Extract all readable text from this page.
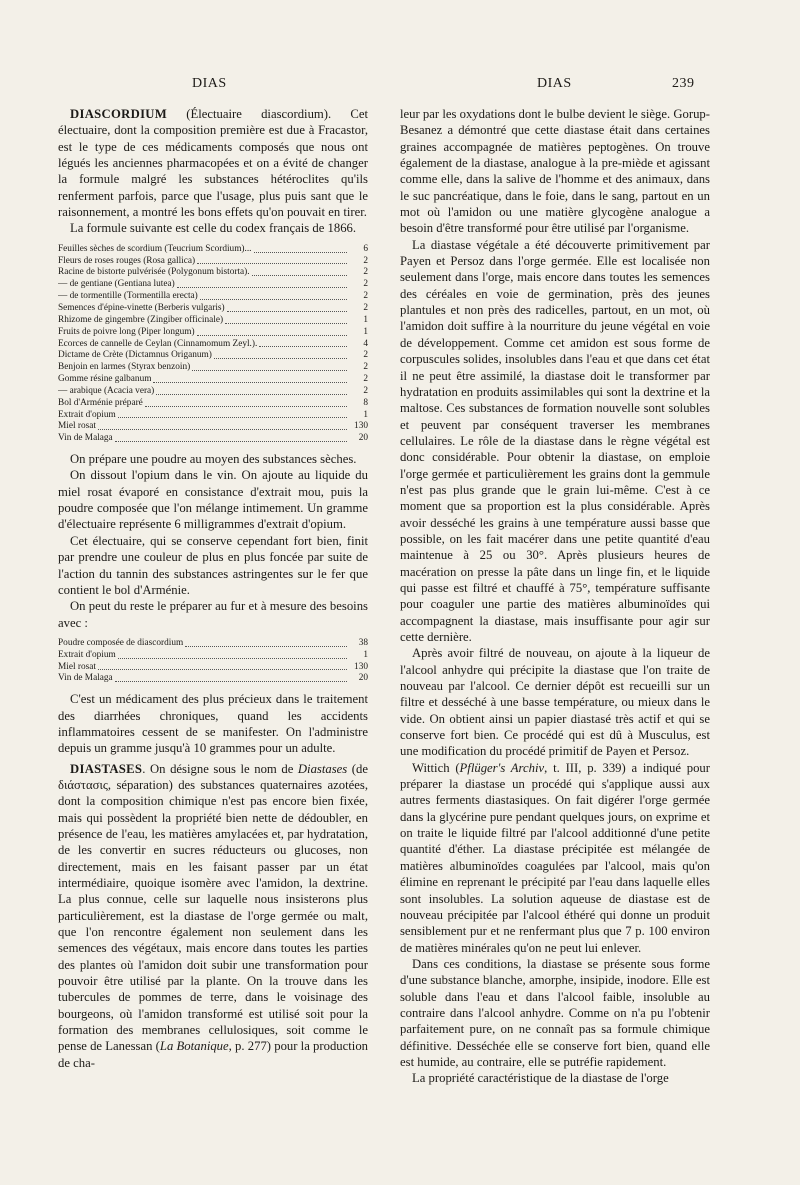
DIAS	DIAS	239

DIASCORDIUM (Électuaire diascordium). Cet électuaire, dont la composition première est due à Fracastor, est le type de ces médicaments composés que nous ont légués les anciennes pharmacopées et on a évité de changer la formule malgré les substances hétéroclites qu'ils renferment parfois, parce que l'usage, plus puis sant que le raisonnement, a montré les bons effets qu'on pouvait en tirer.

La formule suivante est celle du codex français de 1866.

Feuilles sèches de scordium (Teucrium Scordium)...	6
Fleurs de roses rouges (Rosa gallica)	2
Racine de bistorte pulvérisée (Polygonum bistorta).	2
— de gentiane (Gentiana lutea)	2
— de tormentille (Tormentilla erecta)	2
Semences d'épine-vinette (Berberis vulgaris)	2
Rhizome de gingembre (Zingiber officinale)	1
Fruits de poivre long (Piper longum)	1
Écorces de cannelle de Ceylan (Cinnamomum Zeyl.).	4
Dictame de Crète (Dictamnus Origanum)	2
Benjoin en larmes (Styrax benzoin)	2
Gomme résine galbanum	2
— arabique (Acacia vera)	2
Bol d'Arménie préparé	8
Extrait d'opium	1
Miel rosat	130
Vin de Malaga	20

On prépare une poudre au moyen des substances sèches.

On dissout l'opium dans le vin. On ajoute au liquide du miel rosat évaporé en consistance d'extrait mou, puis la poudre composée que l'on mélange intimement. Un gramme d'électuaire représente 6 milligrammes d'extrait d'opium.

Cet électuaire, qui se conserve cependant fort bien, finit par prendre une couleur de plus en plus foncée par suite de l'action du tannin des substances astringentes sur le fer que contient le bol d'Arménie.

On peut du reste le préparer au fur et à mesure des besoins avec :

Poudre composée de diascordium	38
Extrait d'opium	1
Miel rosat	130
Vin de Malaga	20

C'est un médicament des plus précieux dans le traitement des diarrhées chroniques, quand les accidents inflammatoires cessent de se manifester. On l'administre depuis un gramme jusqu'à 10 grammes pour un adulte.

DIASTASES. On désigne sous le nom de Diastases (de διάστασις, séparation) des substances quaternaires azotées, dont la composition chimique n'est pas encore bien fixée, mais qui possèdent la propriété bien nette de dédoubler, en présence de l'eau, les matières amylacées et, par hydratation, de les convertir en sucres réducteurs ou glucoses, non directement, mais en les faisant passer par un état intermédiaire, quoique isomère avec l'amidon, la dextrine. La plus connue, celle sur laquelle nous insisterons plus particulièrement, est la diastase de l'orge germée ou malt, que l'on rencontre également non seulement dans les semences des végétaux, mais encore dans toutes les parties des plantes où l'amidon doit subir une transformation pour pouvoir être utilisé par la plante. On la trouve dans les tubercules de pommes de terre, dans le voisinage des bourgeons, où l'amidon transformé est utilisé soit pour la formation des membranes cellulosiques, soit comme le pense de Lanessan (La Botanique, p. 277) pour la production de cha-

leur par les oxydations dont le bulbe devient le siège. Gorup-Besanez a démontré que cette diastase était dans certaines graines accompagnée de matières peptogènes. On trouve également de la diastase, analogue à la pre-miède et agissant comme elle, dans la salive de l'homme et des animaux, dans le suc pancréatique, dans le foie, dans le sang, partout en un mot où l'amidon ou une matière glycogène analogue a besoin d'être transformé pour être utilisé par l'organisme.

La diastase végétale a été découverte primitivement par Payen et Persoz dans l'orge germée. Elle est localisée non seulement dans l'orge, mais encore dans toutes les semences des céréales en voie de germination, près des jeunes plantules et non près des radicelles, partout, en un mot, où l'amidon doit suffire à la nourriture du jeune végétal en voie de développement. Comme cet amidon est sous forme de corpuscules solides, insolubles dans l'eau et que dans cet état il ne peut être assimilé, la diastase doit le transformer par hydratation en produits assimilables qui sont la dextrine et la maltose. Ces substances de formation nouvelle sont solubles et peuvent par conséquent traverser les membranes cellulaires. Le rôle de la diastase dans le règne végétal est donc considérable. Pour obtenir la diastase, on emploie l'orge germée et particulièrement les grains dont la gemmule n'est pas plus grande que le grain lui-même. C'est à ce moment que sa proportion est la plus considérable. Après avoir desséché les grains à une température aussi basse que possible, on les fait macérer dans une petite quantité d'eau maintenue à 25 ou 30°. Après plusieurs heures de macération on presse la pâte dans un linge fin, et le liquide qui passe est filtré et chauffé à 75°, température suffisante pour coaguler une partie des matières albuminoïdes qui accompagnent la diastase, mais insuffisante pour agir sur cette dernière.

Après avoir filtré de nouveau, on ajoute à la liqueur de l'alcool anhydre qui précipite la diastase que l'on traite de nouveau par l'alcool. Ce dernier dépôt est recueilli sur un filtre et desséché à une basse température, ou mieux dans le vide. On obtient ainsi un papier diastasé très actif et qui se conserve fort bien. Ce procédé qui est dû à Musculus, est une modification du procédé primitif de Payen et Persoz.

Wittich (Pflüger's Archiv, t. III, p. 339) a indiqué pour préparer la diastase un procédé qui s'applique aussi aux autres ferments diastasiques. On fait digérer l'orge germée dans la glycérine pure pendant quelques jours, on exprime et on traite le liquide filtré par l'alcool additionné d'une petite quantité d'éther. La diastase précipitée est mélangée de matières albuminoïdes coagulées par l'alcool, mais qu'on élimine en reprenant le précipité par l'eau dans laquelle elles sont insolubles. La solution aqueuse de diastase est de nouveau précipitée par l'alcool éthéré qui donne un produit sensiblement pur et ne renfermant plus que 7 p. 100 environ de matières minérales qu'on ne peut lui enlever.

Dans ces conditions, la diastase se présente sous forme d'une substance blanche, amorphe, insipide, inodore. Elle est soluble dans l'eau et dans l'alcool faible, insoluble au contraire dans l'alcool anhydre. Comme on n'a pu l'obtenir parfaitement pure, on ne connaît pas sa formule chimique définitive. Desséchée elle se conserve fort bien, quand elle est humide, au contraire, elle se putréfie rapidement.

La propriété caractéristique de la diastase de l'orge
